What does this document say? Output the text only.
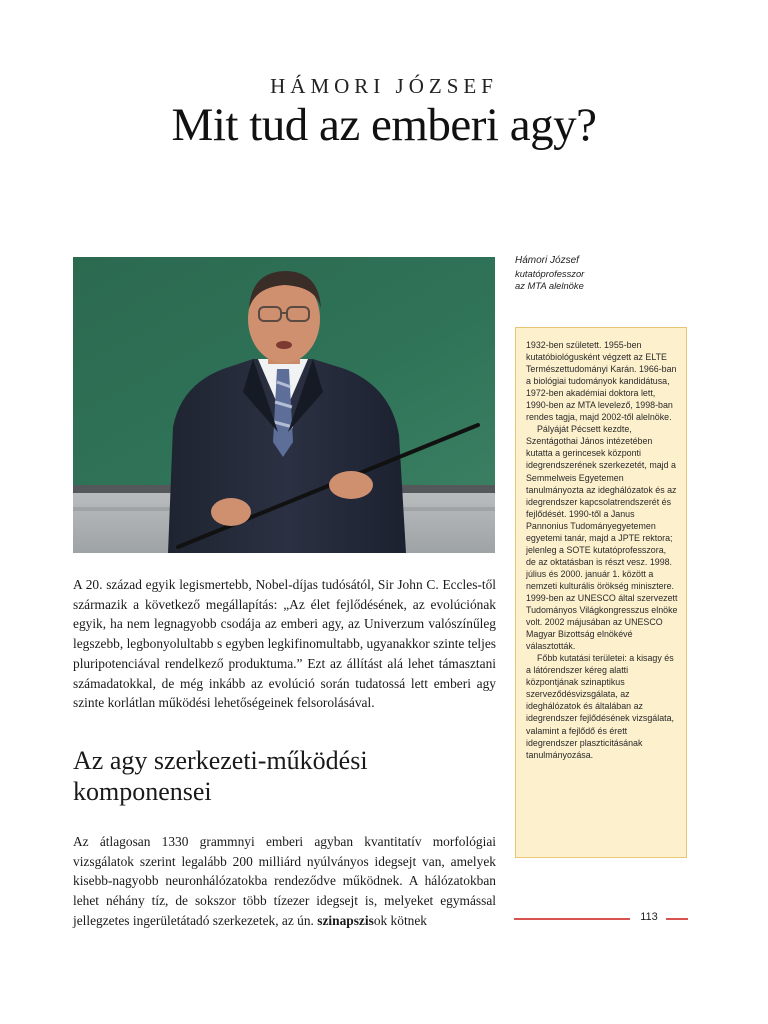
HÁMORI JÓZSEF
Mit tud az emberi agy?
Hámori József
kutatóprofesszor
az MTA alelnöke

1932-ben született. 1955-ben kutatóbiológusként végzett az ELTE Természettudományi Karán. 1966-ban a biológiai tudományok kandidátusa, 1972-ben akadémiai doktora lett, 1990-ben az MTA levelező, 1998-ban rendes tagja, majd 2002-től alelnöke.

Pályáját Pécsett kezdte, Szentágothai János intézetében kutatta a gerincesek központi idegrendszerének szerkezetét, majd a Semmelweis Egyetemen tanulmányozta az ideghálózatok és az idegrendszer kapcsolatrendszerét és fejlődését. 1990-től a Janus Pannonius Tudományegyetemen egyetemi tanár, majd a JPTE rektora; jelenleg a SOTE kutatóprofesszora, de az oktatásban is részt vesz. 1998. július és 2000. január 1. között a nemzeti kulturális örökség minisztere. 1999-ben az UNESCO által szervezett Tudományos Világkongresszus elnöke volt. 2002 májusában az UNESCO Magyar Bizottság elnökévé választották.

Főbb kutatási területei: a kisagy és a látórendszer kéreg alatti központjának szinaptikus szerveződésvizsgálata, az ideghálózatok és általában az idegrendszer fejlődésének vizsgálata, valamint a fejlődő és érett idegrendszer plaszticitásának tanulmányozása.

A 20. század egyik legismertebb, Nobel-díjas tudósától, Sir John C. Eccles-től származik a következő megállapítás: „Az élet fejlődésének, az evolúciónak egyik, ha nem legnagyobb csodája az emberi agy, az Univerzum valószínűleg legszebb, legbonyolultabb s egyben legkifinomultabb, ugyanakkor szinte teljes pluripotenciával rendelkező produktuma.” Ezt az állítást alá lehet támasztani számadatokkal, de még inkább az evolúció során tudatossá lett emberi agy szinte korlátlan működési lehetőségeinek felsorolásával.
Az agy szerkezeti-működési komponensei
Az átlagosan 1330 grammnyi emberi agyban kvantitatív morfológiai vizsgálatok szerint legalább 200 milliárd nyúlványos idegsejt van, amelyek kisebb-nagyobb neuronhálózatokba rendeződve működnek. A hálózatokban lehet néhány tíz, de sokszor több tízezer idegsejt is, melyeket egymással jellegzetes ingerületátadó szerkezetek, az ún. szinapszisok kötnek	113
